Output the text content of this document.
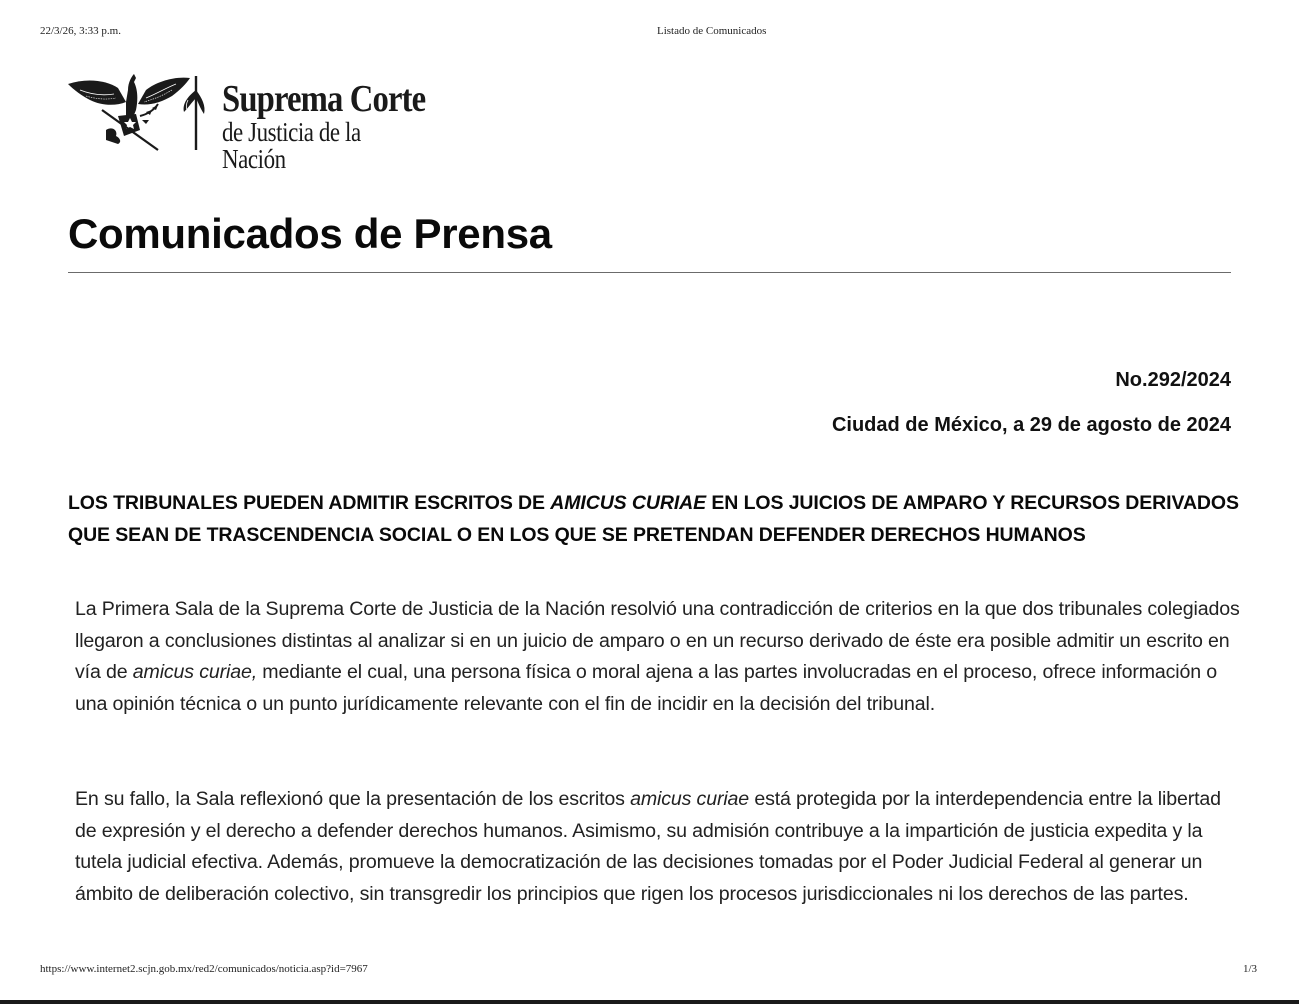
22/3/26, 3:33 p.m.	Listado de Comunicados
Suprema Corte
de Justicia de la Nación
Comunicados de Prensa
No.292/2024
Ciudad de México, a 29 de agosto de 2024
LOS TRIBUNALES PUEDEN ADMITIR ESCRITOS DE AMICUS CURIAE EN LOS JUICIOS DE AMPARO Y RECURSOS DERIVADOS QUE SEAN DE TRASCENDENCIA SOCIAL O EN LOS QUE SE PRETENDAN DEFENDER DERECHOS HUMANOS

La Primera Sala de la Suprema Corte de Justicia de la Nación resolvió una contradicción de criterios en la que dos tribunales colegiados llegaron a conclusiones distintas al analizar si en un juicio de amparo o en un recurso derivado de éste era posible admitir un escrito en vía de amicus curiae, mediante el cual, una persona física o moral ajena a las partes involucradas en el proceso, ofrece información o una opinión técnica o un punto jurídicamente relevante con el fin de incidir en la decisión del tribunal.

En su fallo, la Sala reflexionó que la presentación de los escritos amicus curiae está protegida por la interdependencia entre la libertad de expresión y el derecho a defender derechos humanos. Asimismo, su admisión contribuye a la impartición de justicia expedita y la tutela judicial efectiva. Además, promueve la democratización de las decisiones tomadas por el Poder Judicial Federal al generar un ámbito de deliberación colectivo, sin transgredir los principios que rigen los procesos jurisdiccionales ni los derechos de las partes.

https://www.internet2.scjn.gob.mx/red2/comunicados/noticia.asp?id=7967	1/3
